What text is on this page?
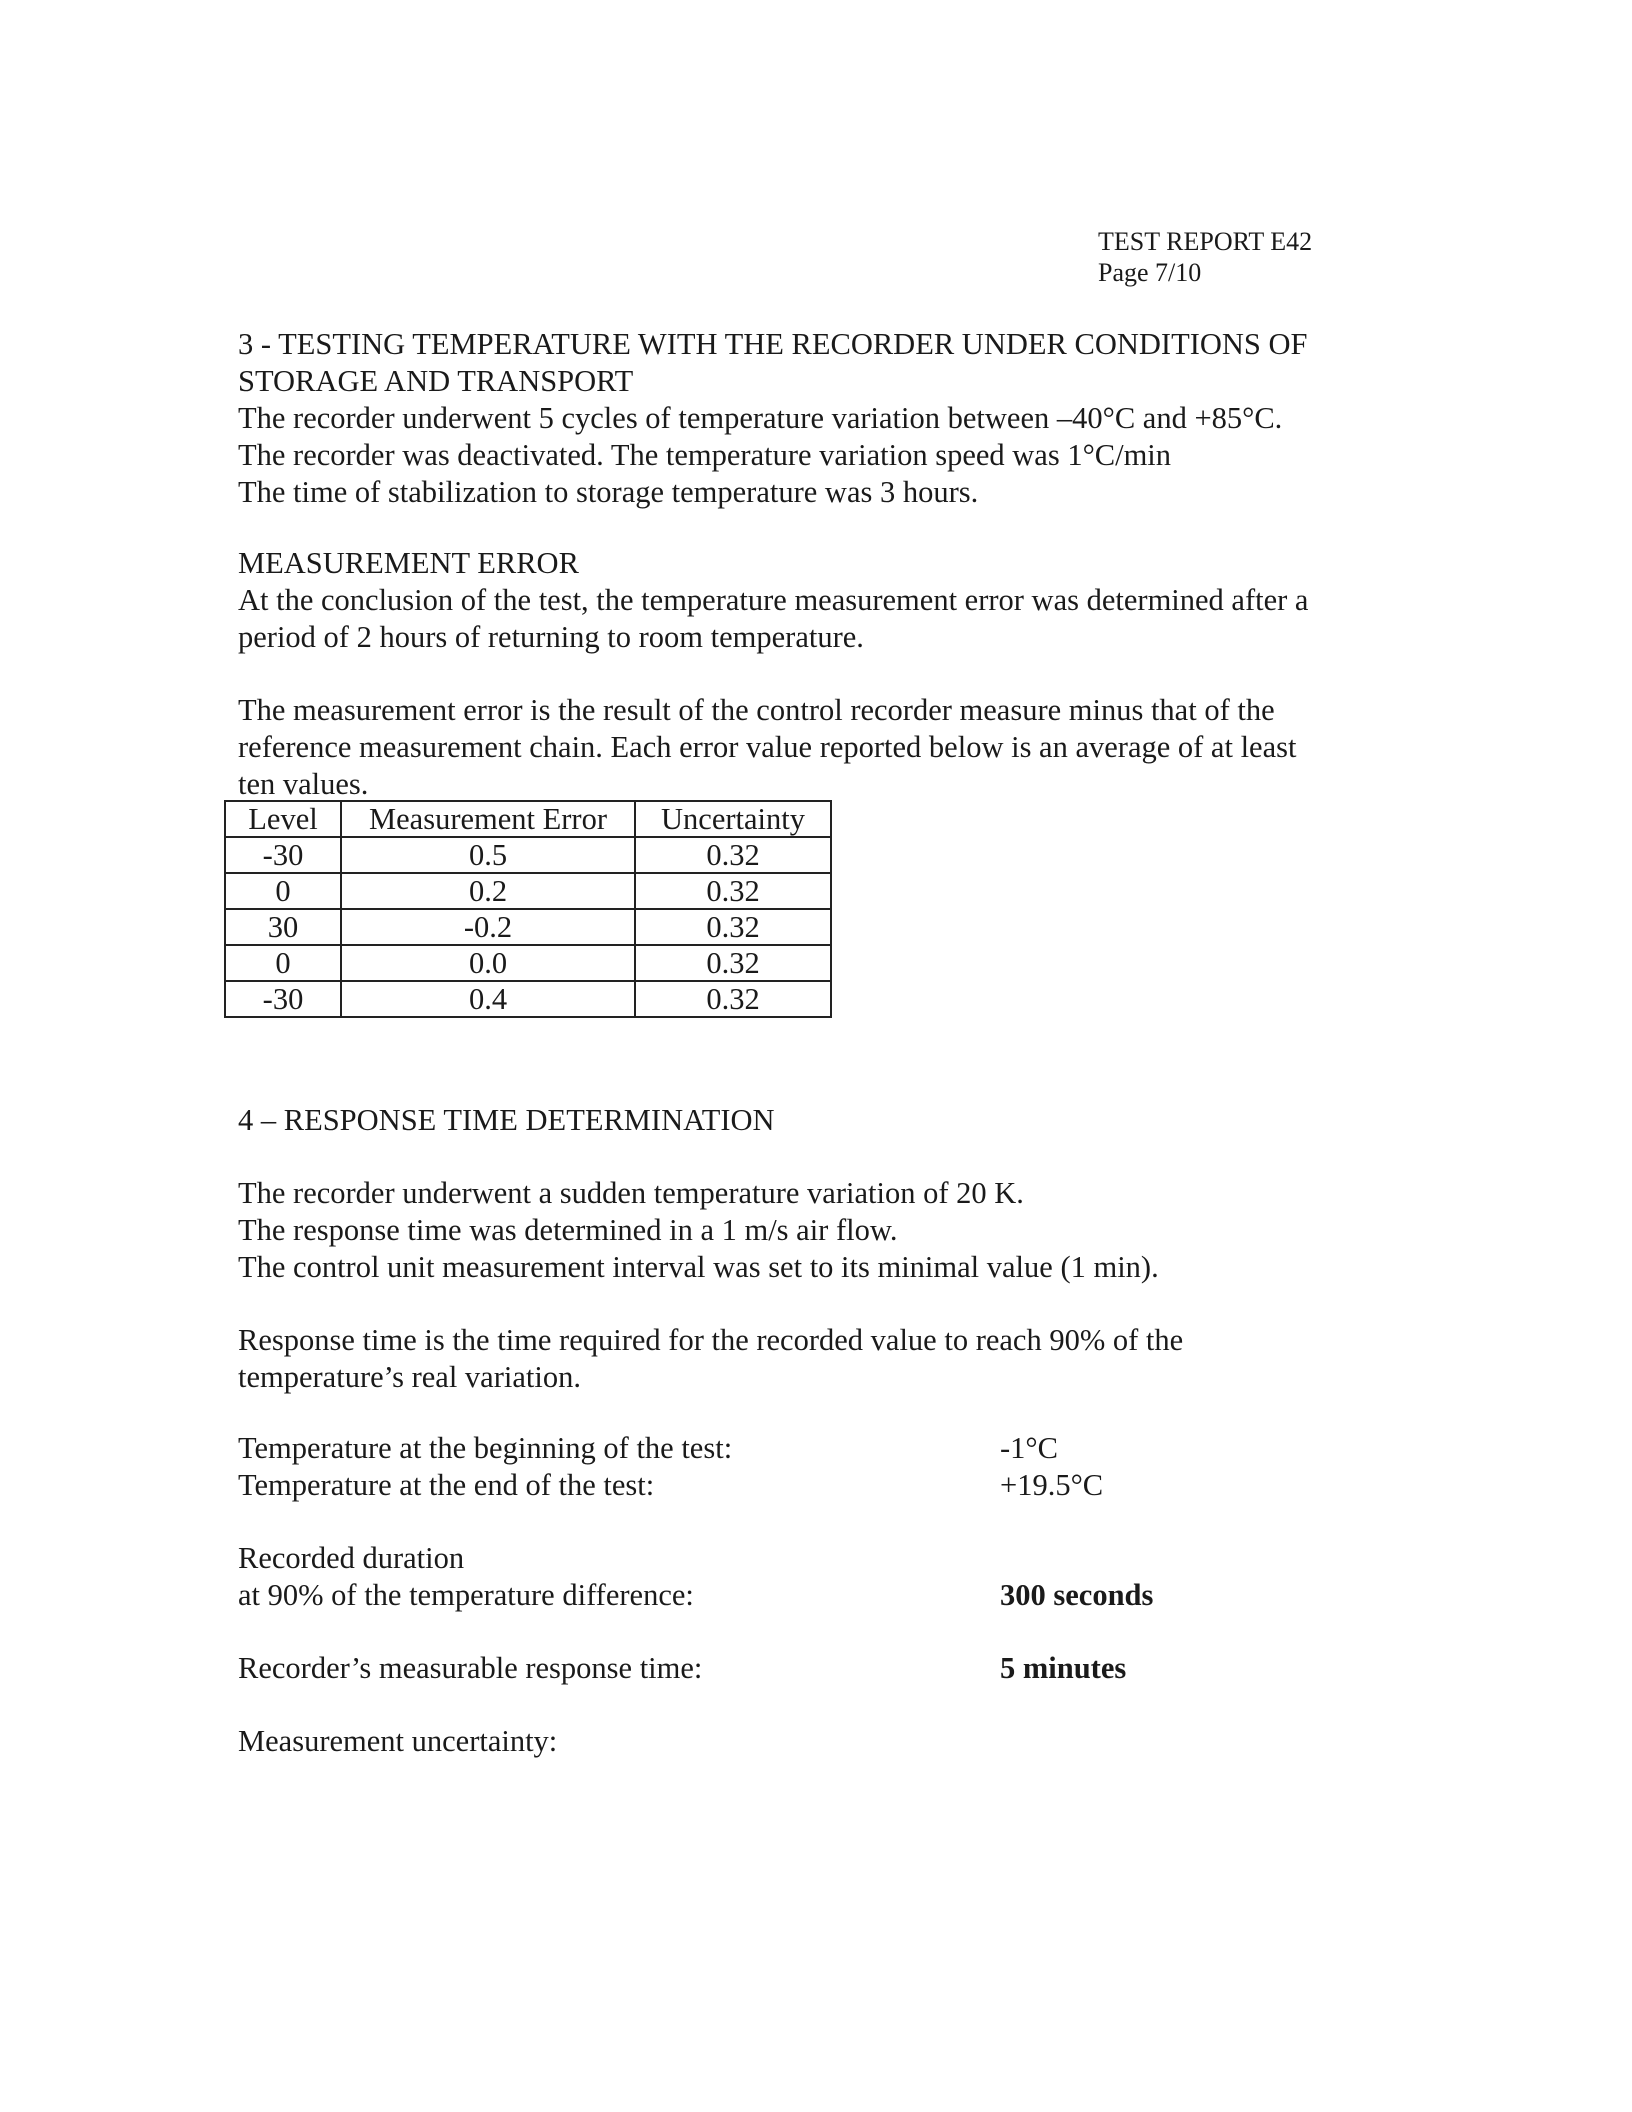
TEST REPORT E42
Page 7/10

3 - TESTING TEMPERATURE WITH THE RECORDER UNDER CONDITIONS OF

STORAGE AND TRANSPORT

The recorder underwent 5 cycles of temperature variation between –40°C and +85°C.

The recorder was deactivated. The temperature variation speed was 1°C/min

The time of stabilization to storage temperature was 3 hours.

MEASUREMENT ERROR

At the conclusion of the test, the temperature measurement error was determined after a

period of 2 hours of returning to room temperature.

The measurement error is the result of the control recorder measure minus that of the

reference measurement chain. Each error value reported below is an average of at least

ten values.

Level	Measurement Error	Uncertainty
-30	0.5	0.32
0	0.2	0.32
30	-0.2	0.32
0	0.0	0.32
-30	0.4	0.32

4 – RESPONSE TIME DETERMINATION

The recorder underwent a sudden temperature variation of 20 K.

The response time was determined in a 1 m/s air flow.

The control unit measurement interval was set to its minimal value (1 min).

Response time is the time required for the recorded value to reach 90% of the

temperature’s real variation.

Temperature at the beginning of the test:	-1°C
Temperature at the end of the test:	+19.5°C
Recorded duration
at 90% of the temperature difference:	300 seconds
Recorder’s measurable response time:	5 minutes
Measurement uncertainty:
